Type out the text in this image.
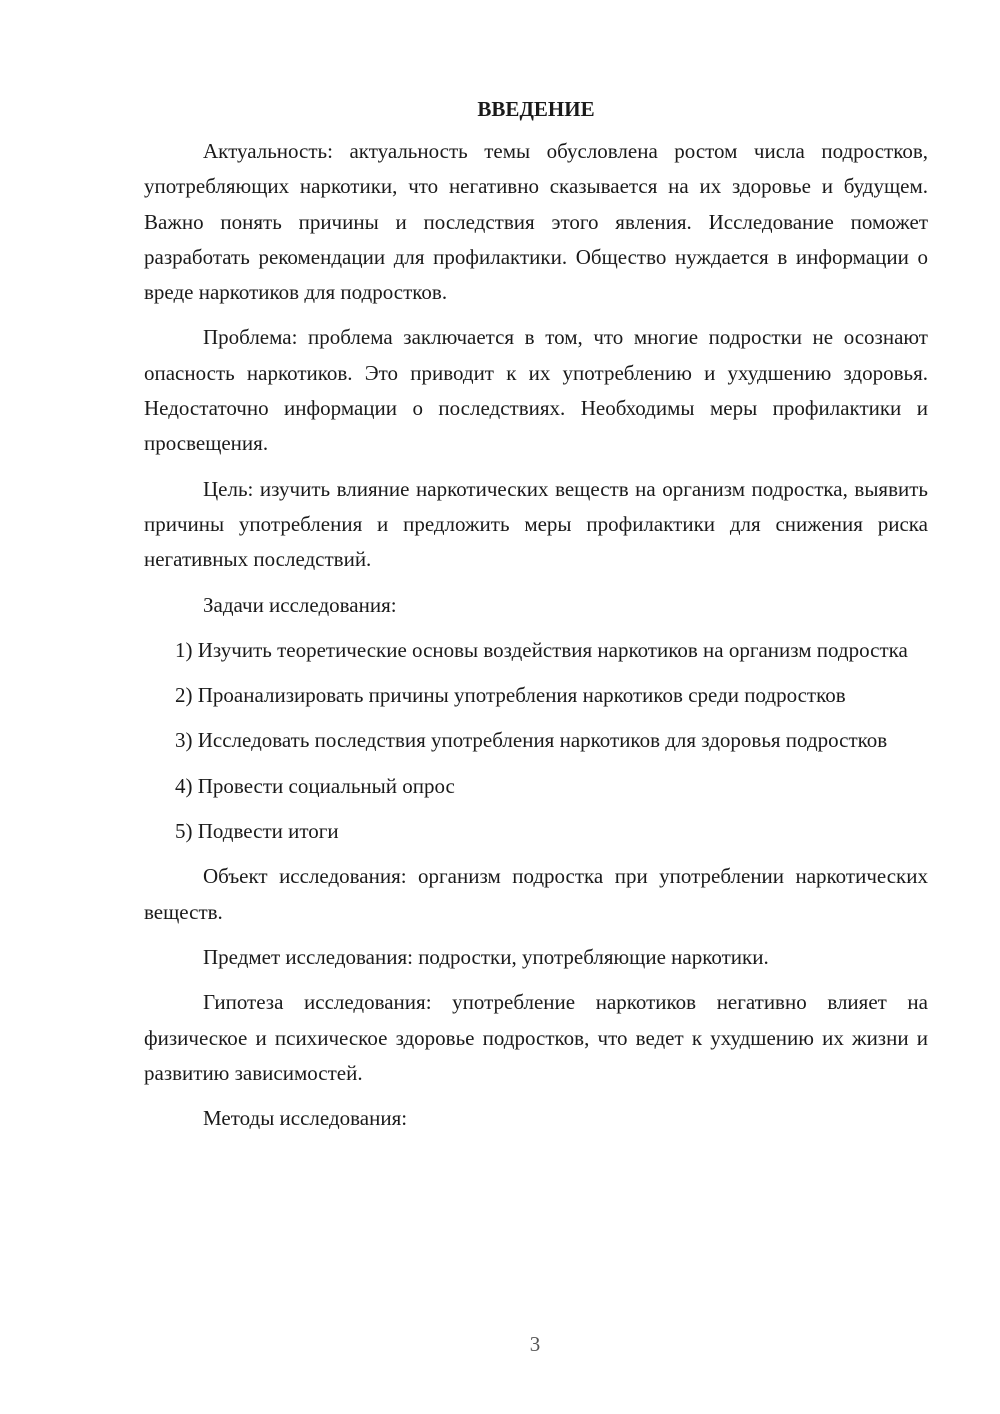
ВВЕДЕНИЕ

Актуальность: актуальность темы обусловлена ростом числа подростков, употребляющих наркотики, что негативно сказывается на их здоровье и будущем. Важно понять причины и последствия этого явления. Исследование поможет разработать рекомендации для профилактики. Общество нуждается в информации о вреде наркотиков для подростков.

Проблема: проблема заключается в том, что многие подростки не осознают опасность наркотиков. Это приводит к их употреблению и ухудшению здоровья. Недостаточно информации о последствиях. Необходимы меры профилактики и просвещения.

Цель: изучить влияние наркотических веществ на организм подростка, выявить причины употребления и предложить меры профилактики для снижения риска негативных последствий.

Задачи исследования:

1) Изучить теоретические основы воздействия наркотиков на организм подростка

2) Проанализировать причины употребления наркотиков среди подростков

3) Исследовать последствия употребления наркотиков для здоровья подростков

4) Провести социальный опрос

5) Подвести итоги

Объект исследования: организм подростка при употреблении наркотических веществ.

Предмет исследования: подростки, употребляющие наркотики.

Гипотеза исследования: употребление наркотиков негативно влияет на физическое и психическое здоровье подростков, что ведет к ухудшению их жизни и развитию зависимостей.

Методы исследования:

3
